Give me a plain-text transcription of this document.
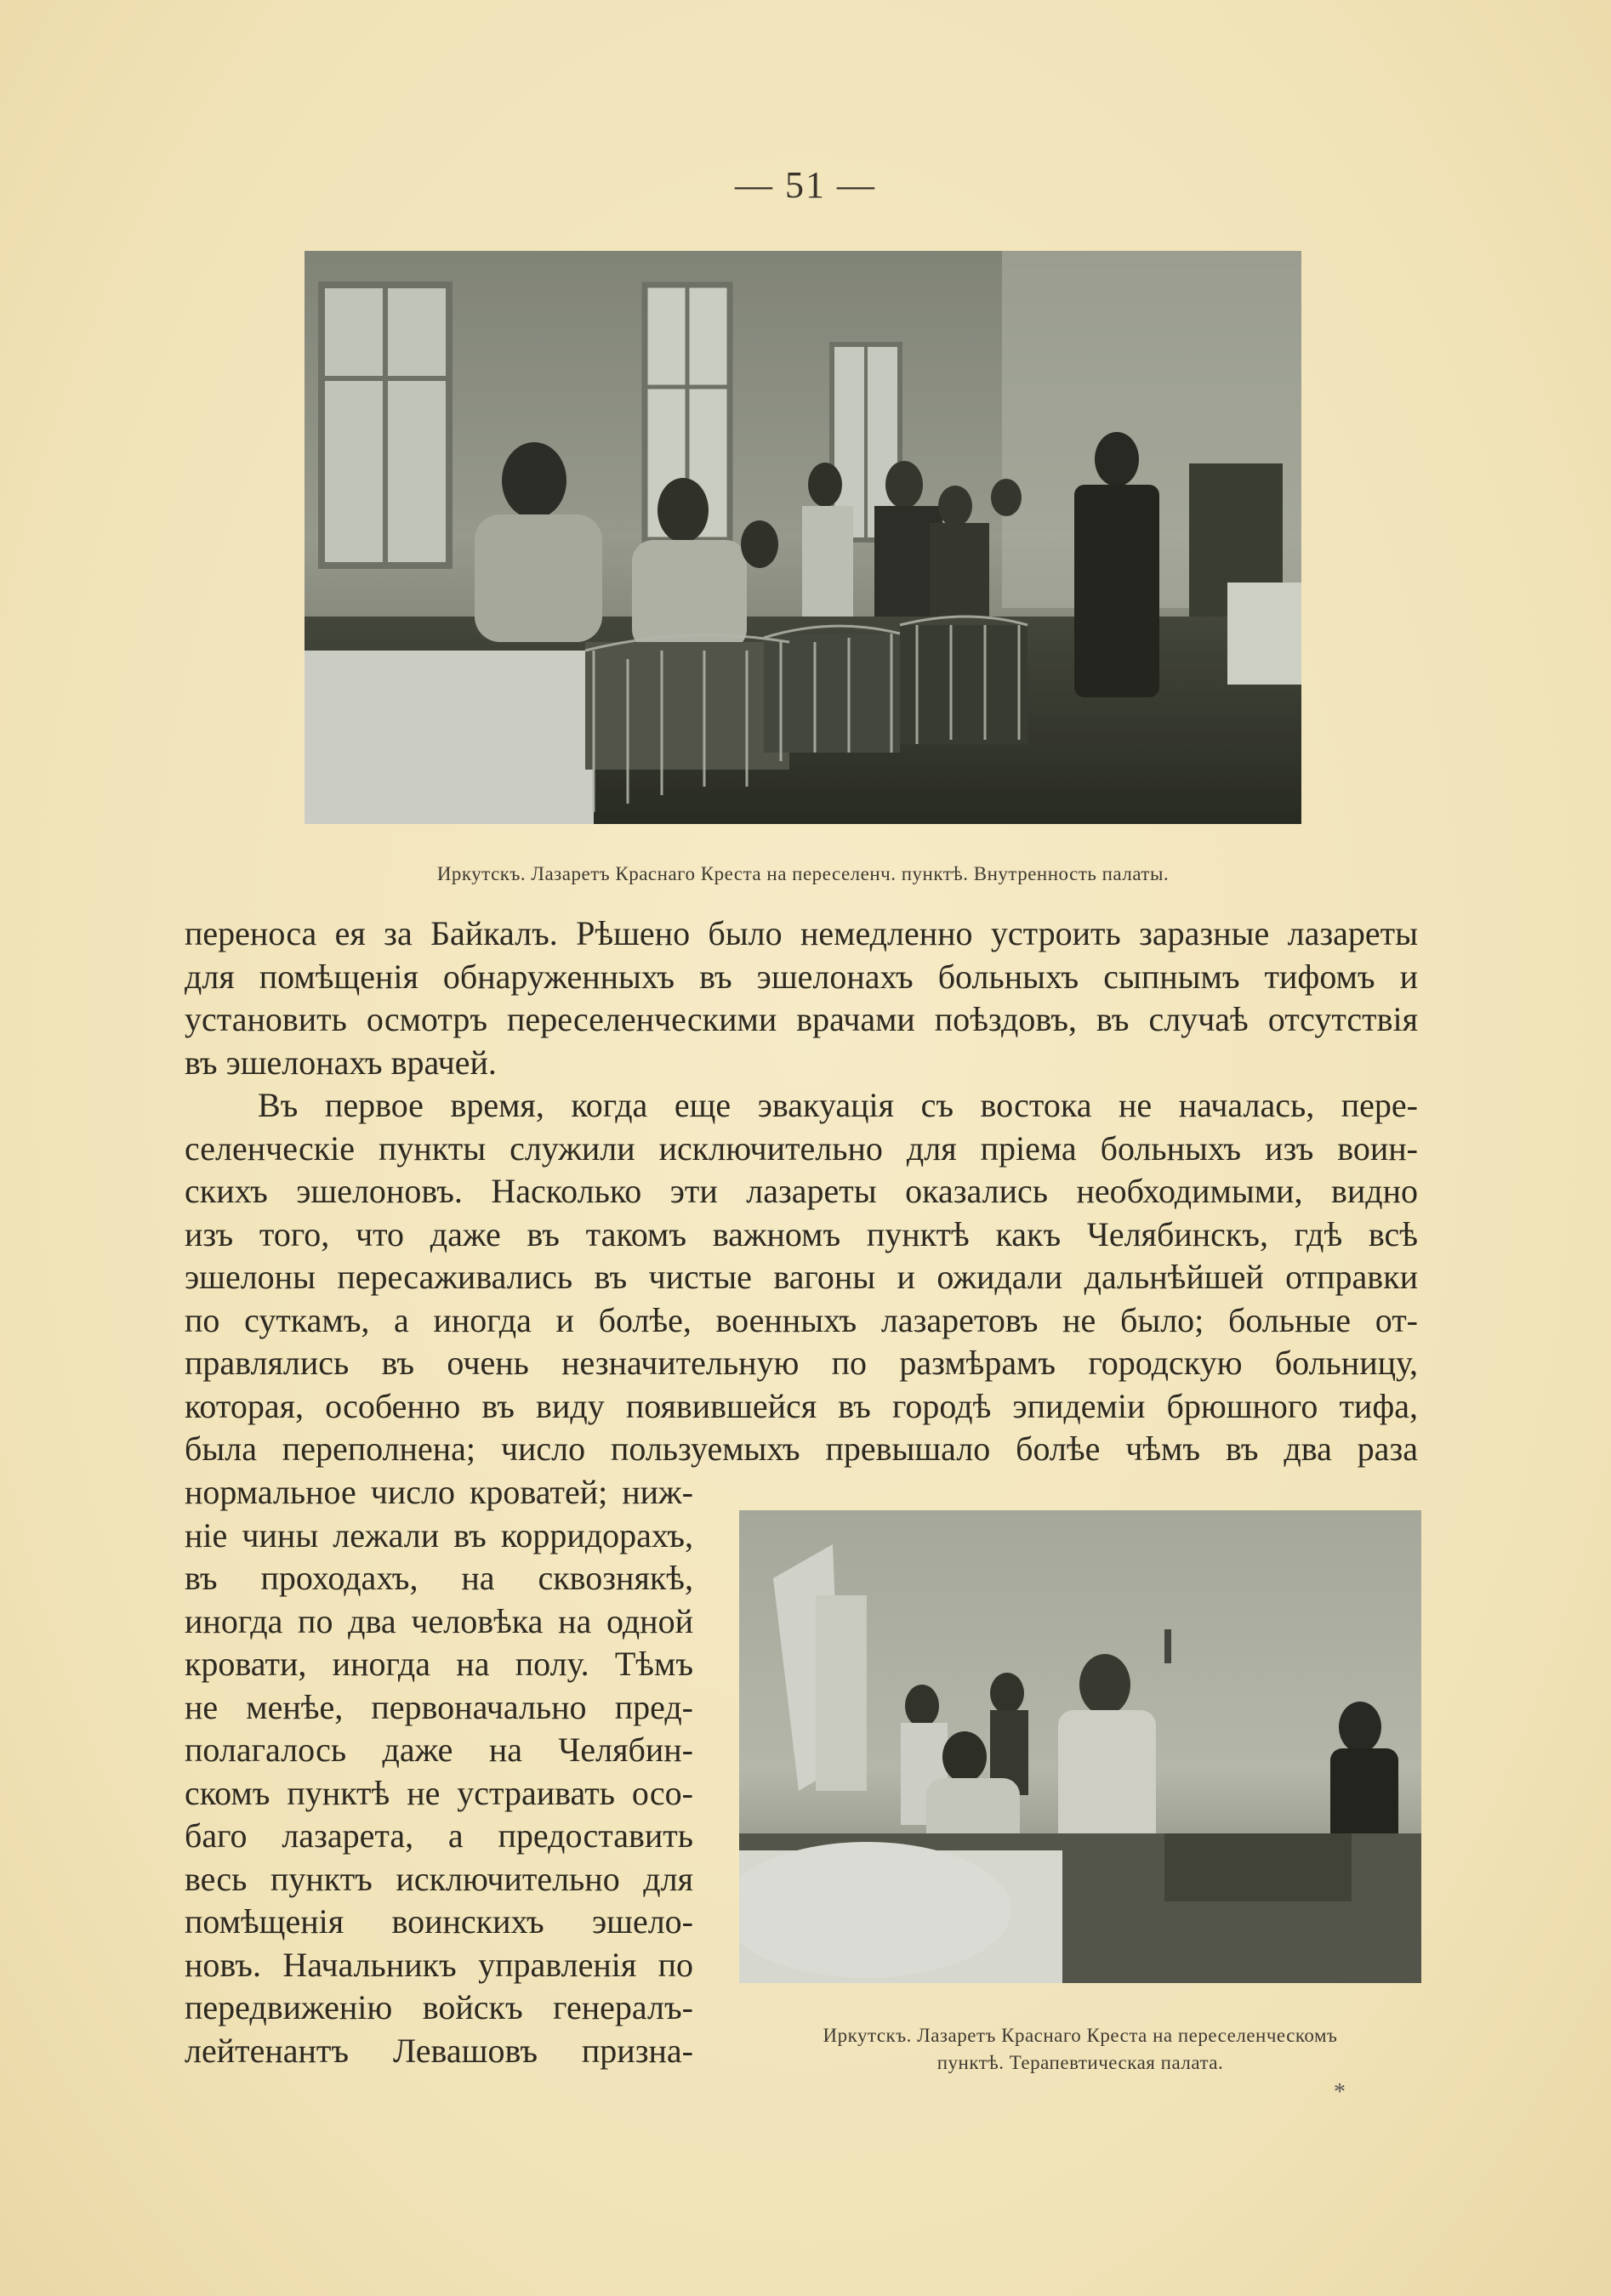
— 51 —
Иркутскъ. Лазаретъ Краснаго Креста на переселенч. пунктѣ. Внутренность палаты.
переноса ея за Байкалъ. Рѣшено было немедленно устроить заразные лазареты
для помѣщенія обнаруженныхъ въ эшелонахъ больныхъ сыпнымъ тифомъ и
установить осмотръ переселенческими врачами поѣздовъ, въ случаѣ отсутствія
въ эшелонахъ врачей.
Въ первое время, когда еще эвакуація съ востока не началась, пере-
селенческіе пункты служили исключительно для пріема больныхъ изъ воин-
скихъ эшелоновъ. Насколько эти лазареты оказались необходимыми, видно
изъ того, что даже въ такомъ важномъ пунктѣ какъ Челябинскъ, гдѣ всѣ
эшелоны пересаживались въ чистые вагоны и ожидали дальнѣйшей отправки
по суткамъ, а иногда и болѣе, военныхъ лазаретовъ не было; больные от-
правлялись въ очень незначительную по размѣрамъ городскую больницу,
которая, особенно въ виду появившейся въ городѣ эпидеміи брюшного тифа,
была переполнена; число пользуемыхъ превышало болѣе чѣмъ въ два раза
нормальное число кроватей; ниж-
ніе чины лежали въ корридорахъ,
въ проходахъ, на сквознякѣ,
иногда по два человѣка на одной
кровати, иногда на полу. Тѣмъ
не менѣе, первоначально пред-
полагалось даже на Челябин-
скомъ пунктѣ не устраивать осо-
баго лазарета, а предоставить
весь пунктъ исключительно для
помѣщенія воинскихъ эшело-
новъ. Начальникъ управленія по
передвиженію войскъ генералъ-
лейтенантъ Левашовъ призна-	Иркутскъ. Лазаретъ Краснаго Креста на переселенческомъ
пунктѣ. Терапевтическая палата.
*
